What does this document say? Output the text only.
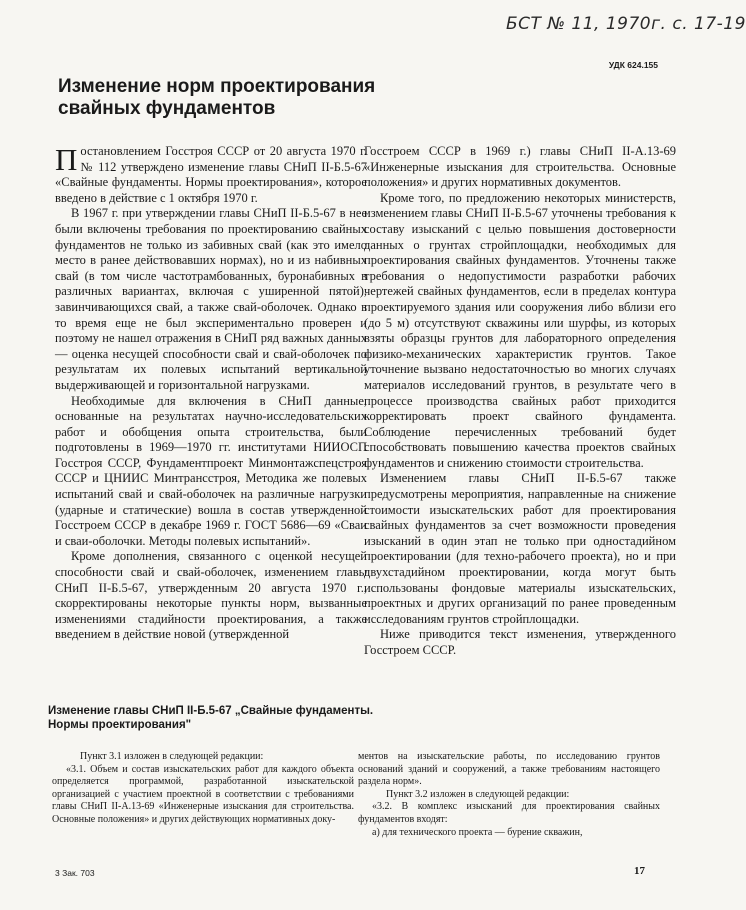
БСТ № 11, 1970г. с. 17-19
УДК 624.155
Изменение норм проектирования
свайных фундаментов

Постановлением Госстроя СССР от 20 августа 1970 г. № 112 утверждено изменение главы СНиП II-Б.5-67 «Свайные фундаменты. Нормы проектирования», которое введено в действие с 1 октября 1970 г.

В 1967 г. при утверждении главы СНиП II-Б.5-67 в нее были включены требования по проектированию свайных фундаментов не только из забивных свай (как это имело место в ранее действовавших нормах), но и из набивных свай (в том числе частотрамбованных, буронабивных в различных вариантах, включая с уширенной пятой), завинчивающихся свай, а также свай-оболочек. Однако в то время еще не был экспериментально проверен и поэтому не нашел отражения в СНиП ряд важных данных — оценка несущей способности свай и свай-оболочек по результатам их полевых испытаний вертикальной выдерживающей и горизонтальной нагрузками.

Необходимые для включения в СНиП данные, основанные на результатах научно-исследовательских работ и обобщения опыта строительства, были подготовлены в 1969—1970 гг. институтами НИИОСП Госстроя СССР, Фундаментпроект Минмонтажспецстроя СССР и ЦНИИС Минтрансстроя, Методика же полевых испытаний свай и свай-оболочек на различные нагрузки (ударные и статические) вошла в состав утвержденной Госстроем СССР в декабре 1969 г. ГОСТ 5686—69 «Сваи и сваи-оболочки. Методы полевых испытаний».

Кроме дополнения, связанного с оценкой несущей способности свай и свай-оболочек, изменением главы СНиП II-Б.5-67, утвержденным 20 августа 1970 г., скорректированы некоторые пункты норм, вызванные изменениями стадийности проектирования, а также введением в действие новой (утвержденной

Госстроем СССР в 1969 г.) главы СНиП II-А.13-69 «Инженерные изыскания для строительства. Основные положения» и других нормативных документов.

Кроме того, по предложению некоторых министерств, изменением главы СНиП II-Б.5-67 уточнены требования к составу изысканий с целью повышения достоверности данных о грунтах стройплощадки, необходимых для проектирования свайных фундаментов. Уточнены также требования о недопустимости разработки рабочих чертежей свайных фундаментов, если в пределах контура проектируемого здания или сооружения либо вблизи его (до 5 м) отсутствуют скважины или шурфы, из которых взяты образцы грунтов для лабораторного определения физико-механических характеристик грунтов. Такое уточнение вызвано недостаточностью во многих случаях материалов исследований грунтов, в результате чего в процессе производства свайных работ приходится корректировать проект свайного фундамента. Соблюдение перечисленных требований будет способствовать повышению качества проектов свайных фундаментов и снижению стоимости строительства.

Изменением главы СНиП II-Б.5-67 также предусмотрены мероприятия, направленные на снижение стоимости изыскательских работ для проектирования свайных фундаментов за счет возможности проведения изысканий в один этап не только при одностадийном проектировании (для техно-рабочего проекта), но и при двухстадийном проектировании, когда могут быть использованы фондовые материалы изыскательских, проектных и других организаций по ранее проведенным исследованиям грунтов стройплощадки.

Ниже приводится текст изменения, утвержденного Госстроем СССР.

Изменение главы СНиП II-Б.5-67 „Свайные фундаменты.
Нормы проектирования"

Пункт 3.1 изложен в следующей редакции:

«3.1. Объем и состав изыскательских работ для каждого объекта определяется программой, разработанной изыскательской организацией с участием проектной в соответствии с требованиями главы СНиП II-А.13-69 «Инженерные изыскания для строительства. Основные положения» и других действующих нормативных доку-

ментов на изыскательские работы, по исследованию грунтов оснований зданий и сооружений, а также требованиям настоящего раздела норм».

Пункт 3.2 изложен в следующей редакции:

«3.2. В комплекс изысканий для проектирования свайных фундаментов входят:

а) для технического проекта — бурение скважин,

3 Зак. 703	17
